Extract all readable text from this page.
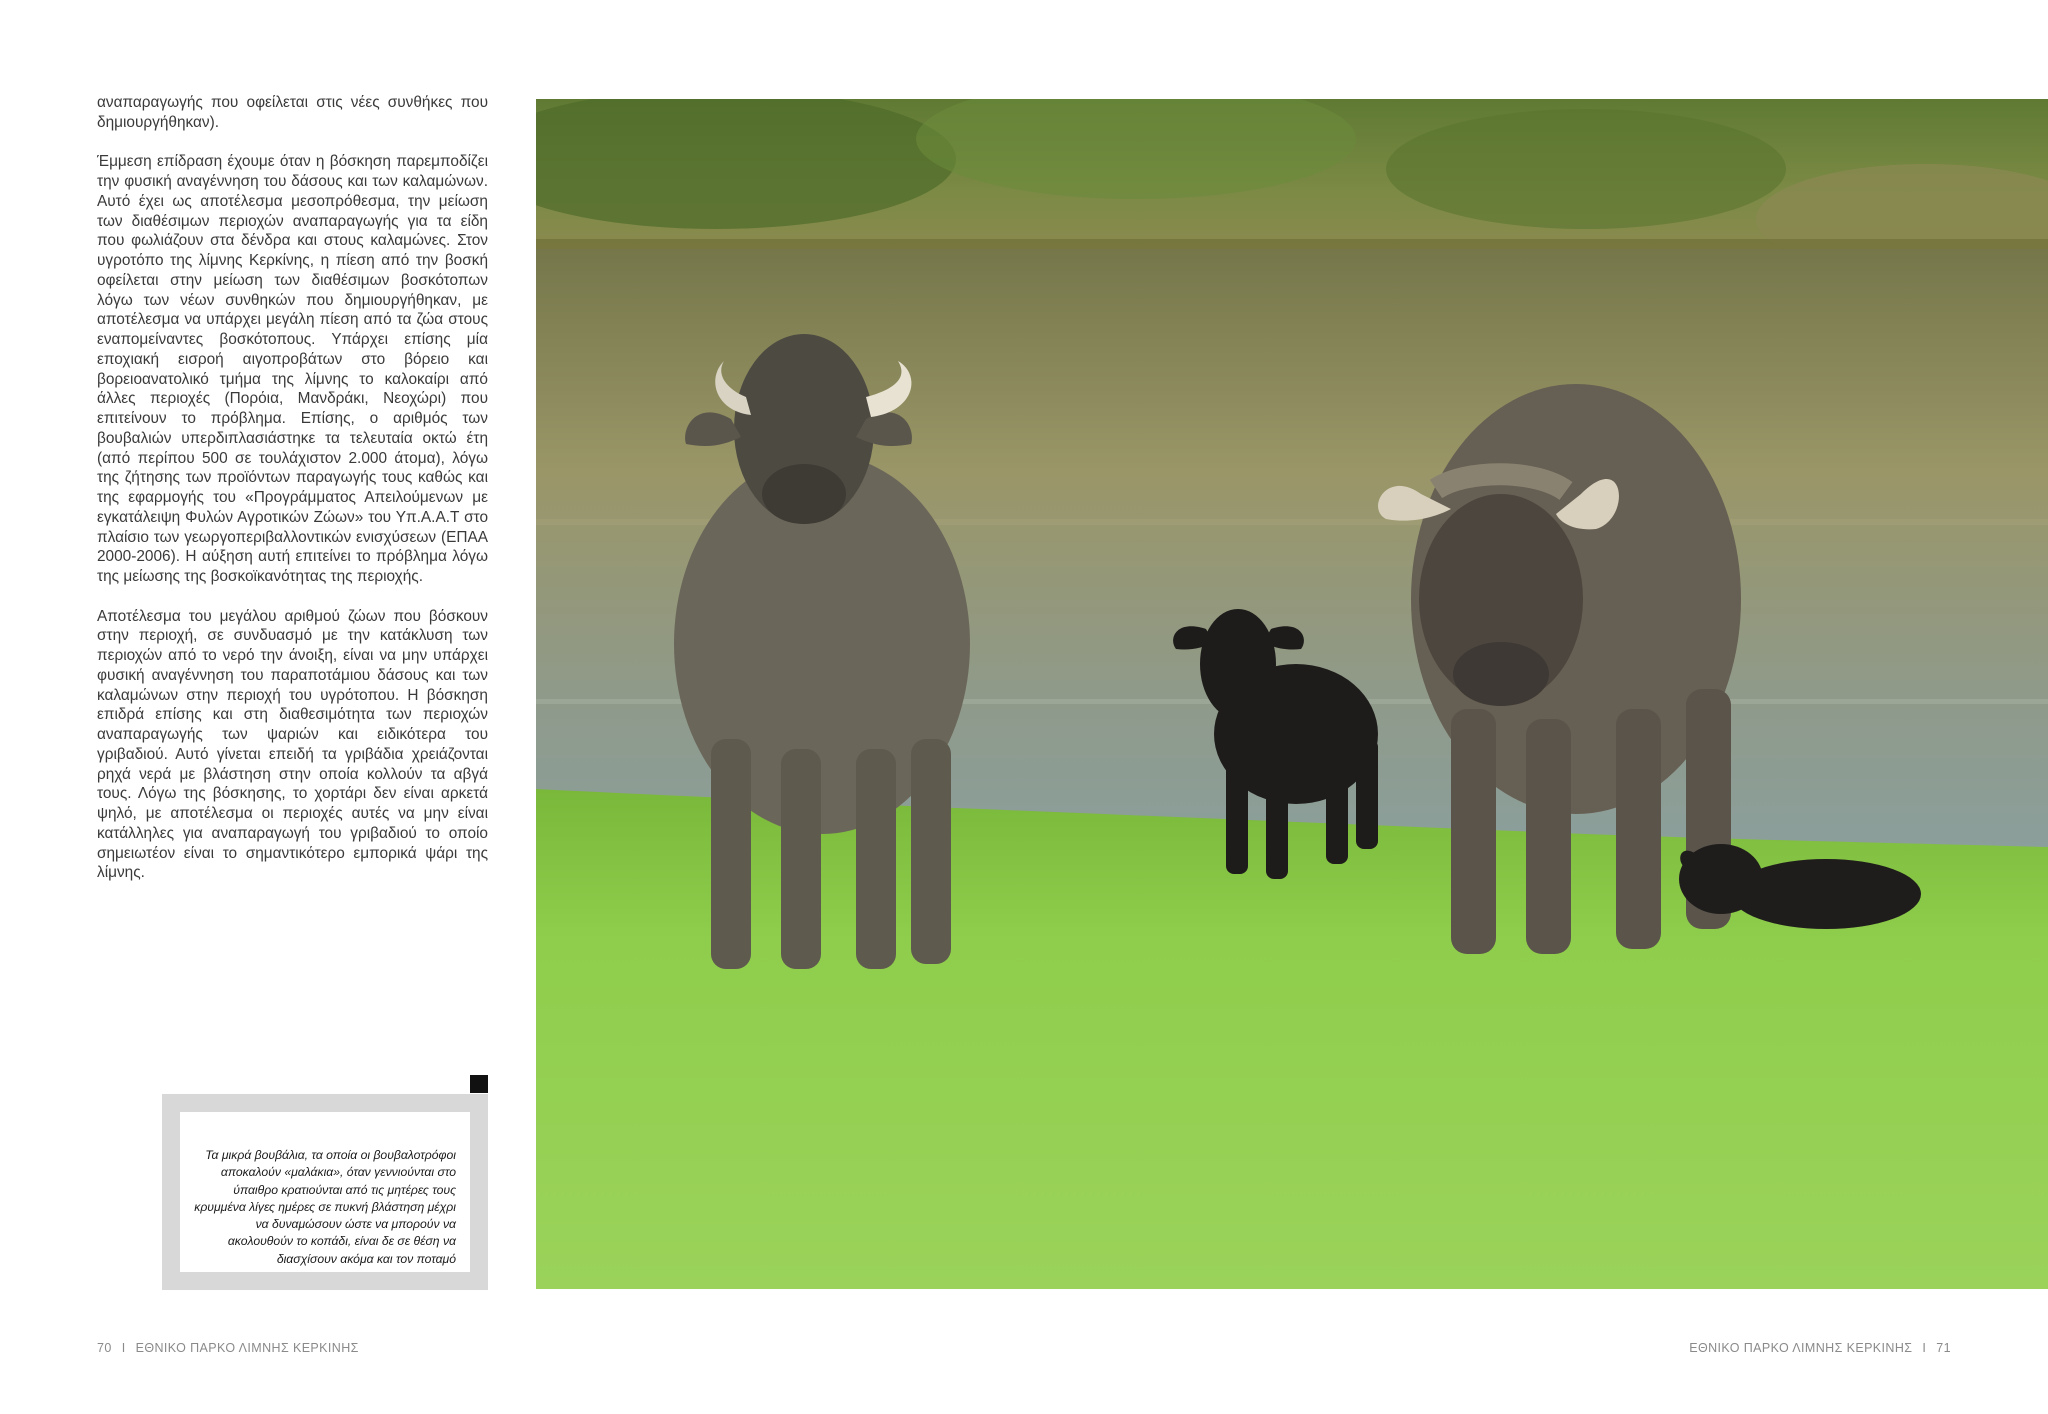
αναπαραγωγής που οφείλεται στις νέες συνθήκες που δημιουργήθηκαν).

Έμμεση επίδραση έχουμε όταν η βόσκηση παρεμποδίζει την φυσική αναγέννηση του δάσους και των καλαμώνων. Αυτό έχει ως αποτέλεσμα μεσοπρόθεσμα, την μείωση των διαθέσιμων περιοχών αναπαραγωγής για τα είδη που φωλιάζουν στα δένδρα και στους καλαμώνες. Στον υγροτόπο της λίμνης Κερκίνης, η πίεση από την βοσκή οφείλεται στην μείωση των διαθέσιμων βοσκότοπων λόγω των νέων συνθηκών που δημιουργήθηκαν, με αποτέλεσμα να υπάρχει μεγάλη πίεση από τα ζώα στους εναπομείναντες βοσκότοπους. Υπάρχει επίσης μία εποχιακή εισροή αιγοπροβάτων στο βόρειο και βορειοανατολικό τμήμα της λίμνης το καλοκαίρι από άλλες περιοχές (Πορόια, Μανδράκι, Νεοχώρι) που επιτείνουν το πρόβλημα. Επίσης, ο αριθμός των βουβαλιών υπερδιπλασιάστηκε τα τελευταία οκτώ έτη (από περίπου 500 σε τουλάχιστον 2.000 άτομα), λόγω της ζήτησης των προϊόντων παραγωγής τους καθώς και της εφαρμογής του «Προγράμματος Απειλούμενων με εγκατάλειψη Φυλών Αγροτικών Ζώων» του Υπ.Α.Α.Τ στο πλαίσιο των γεωργοπεριβαλλοντικών ενισχύσεων (ΕΠΑΑ 2000-2006). Η αύξηση αυτή επιτείνει το πρόβλημα λόγω της μείωσης της βοσκοϊκανότητας της περιοχής.

Αποτέλεσμα του μεγάλου αριθμού ζώων που βόσκουν στην περιοχή, σε συνδυασμό με την κατάκλυση των περιοχών από το νερό την άνοιξη, είναι να μην υπάρχει φυσική αναγέννηση του παραποτάμιου δάσους και των καλαμώνων στην περιοχή του υγρότοπου. Η βόσκηση επιδρά επίσης και στη διαθεσιμότητα των περιοχών αναπαραγωγής των ψαριών και ειδικότερα του γριβαδιού. Αυτό γίνεται επειδή τα γριβάδια χρειάζονται ρηχά νερά με βλάστηση στην οποία κολλούν τα αβγά τους. Λόγω της βόσκησης, το χορτάρι δεν είναι αρκετά ψηλό, με αποτέλεσμα οι περιοχές αυτές να μην είναι κατάλληλες για αναπαραγωγή του γριβαδιού το οποίο σημειωτέον είναι το σημαντικότερο εμπορικά ψάρι της λίμνης.

Τα μικρά βουβάλια, τα οποία οι βουβαλοτρόφοι αποκαλούν «μαλάκια», όταν γεννιούνται στο ύπαιθρο κρατιούνται από τις μητέρες τους κρυμμένα λίγες ημέρες σε πυκνή βλάστηση μέχρι να δυναμώσουν ώστε να μπορούν να ακολουθούν το κοπάδι, είναι δε σε θέση να διασχίσουν ακόμα και τον ποταμό

70 I ΕΘΝΙΚΟ ΠΑΡΚΟ ΛΙΜΝΗΣ ΚΕΡΚΙΝΗΣ	ΕΘΝΙΚΟ ΠΑΡΚΟ ΛΙΜΝΗΣ ΚΕΡΚΙΝΗΣ I 71
